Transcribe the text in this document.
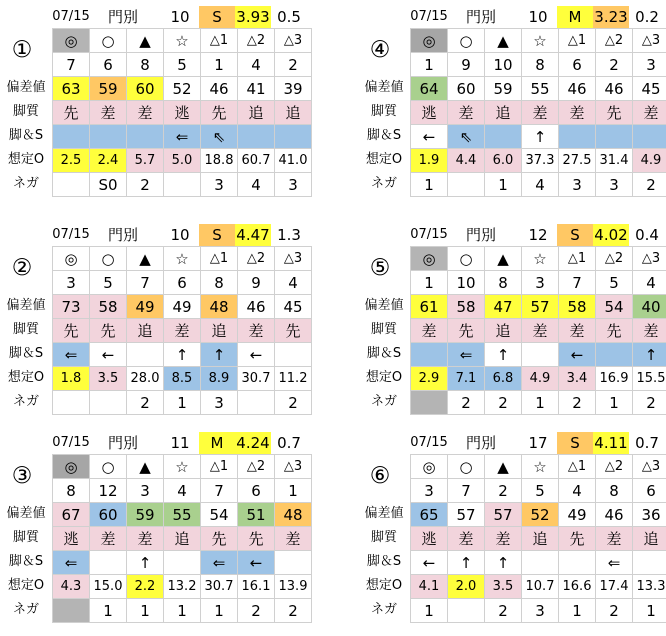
07/15	門別	10	S 3.93 0.5
①
偏差値
脚質
脚＆S
想定O
ネガ
◎	○	▲	☆	△1	△2	△3
7	6	8	5	1	4	2
63	59	60	52	46	41	39
先	差	差	逃	先	追	追
			⇐	⇖		
2.5	2.4	5.7	5.0	18.8	60.7	41.0
	S0	2		3	4	3
07/15	門別	10	M 3.23 0.2
④
偏差値
脚質
脚＆S
想定O
ネガ
◎	○	▲	☆	△1	△2	△3
1	9	10	8	6	2	3
64	60	59	55	46	46	45
逃	差	追	差	差	先	差
←	⇖		↑			
1.9	4.4	6.0	37.3	27.5	31.4	4.9
1		1	4	3	3	2
07/15	門別	10	S 4.47 1.3
②
偏差値
脚質
脚＆S
想定O
ネガ
◎	○	▲	☆	△1	△2	△3
3	5	7	6	8	9	4
73	58	49	49	48	46	45
先	先	追	差	追	差	先
⇐	←		↑	↑	←	
1.8	3.5	28.0	8.5	8.9	30.7	11.2
		2	1	3		2
07/15	門別	12	S 4.02 0.4
⑤
偏差値
脚質
脚＆S
想定O
ネガ
◎	○	▲	☆	△1	△2	△3
1	10	8	3	7	5	4
61	58	47	57	58	54	40
差	先	追	差	差	先	差
	⇐	↑		←		↑
2.9	7.1	6.8	4.9	3.4	16.9	15.5
	2	2	1	2	1	2
07/15	門別	11	M 4.24 0.7
③
偏差値
脚質
脚＆S
想定O
ネガ
◎	○	▲	☆	△1	△2	△3
8	12	3	4	7	6	1
67	60	59	55	54	51	48
逃	差	差	追	先	先	差
⇐		↑		⇐	←	
4.3	15.0	2.2	13.2	30.7	16.1	13.9
	1	1	1	1	2	2
07/15	門別	17	S 4.11 0.7
⑥
偏差値
脚質
脚＆S
想定O
ネガ
◎	○	▲	☆	△1	△2	△3
3	7	2	5	4	8	6
65	57	57	52	49	46	36
逃	差	差	追	先	差	追
←	↑	↑			⇐	
4.1	2.0	3.5	10.7	16.6	17.4	13.3
1		2	3	1	2	1
